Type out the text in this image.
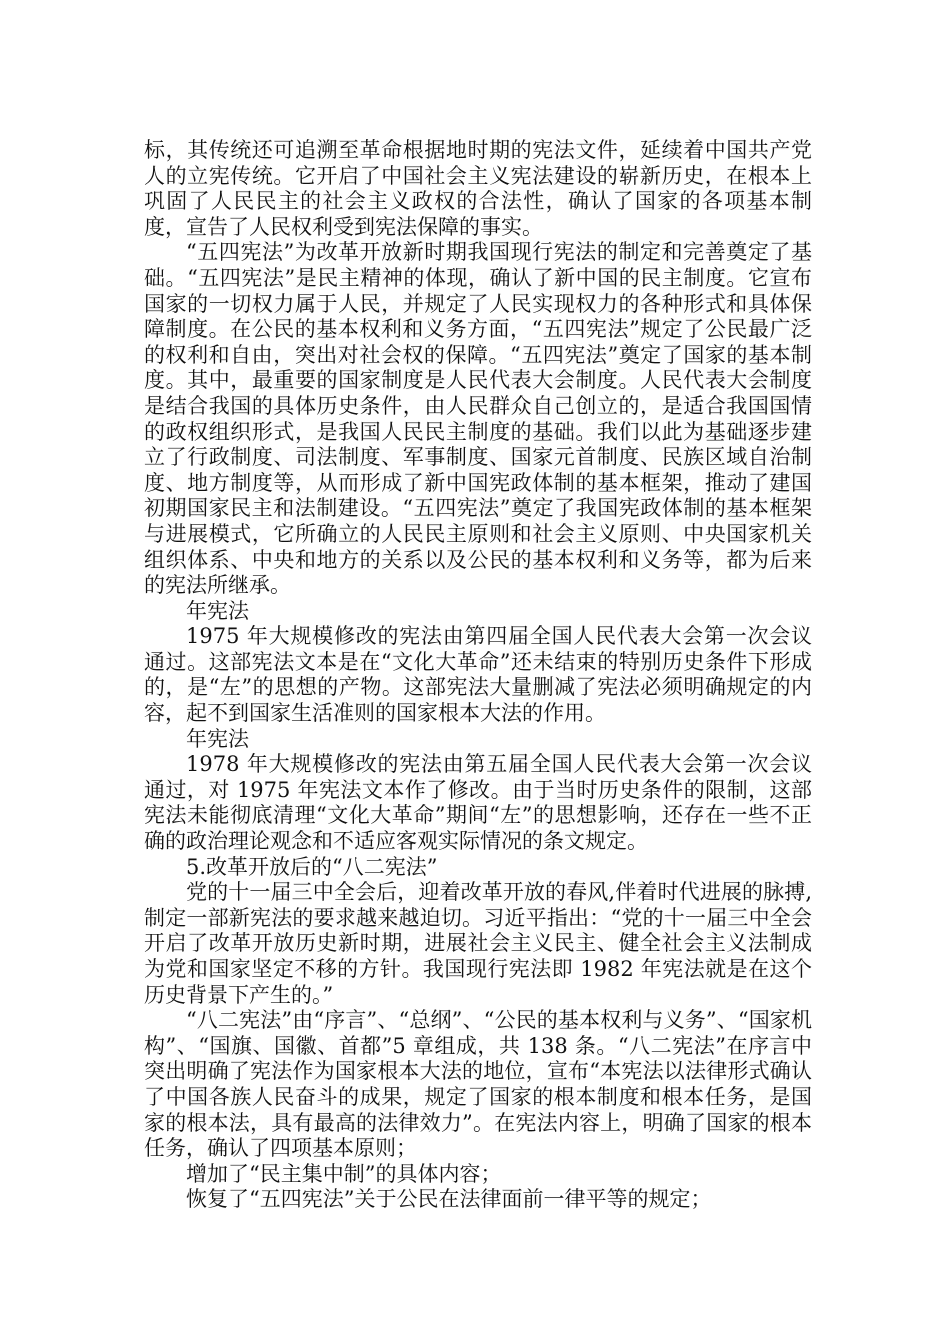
标，其传统还可追溯至革命根据地时期的宪法文件，延续着中国共产党人的立宪传统。它开启了中国社会主义宪法建设的崭新历史，在根本上巩固了人民民主的社会主义政权的合法性，确认了国家的各项基本制度，宣告了人民权利受到宪法保障的事实。

“五四宪法”为改革开放新时期我国现行宪法的制定和完善奠定了基础。“五四宪法”是民主精神的体现，确认了新中国的民主制度。它宣布国家的一切权力属于人民，并规定了人民实现权力的各种形式和具体保障制度。在公民的基本权利和义务方面，“五四宪法”规定了公民最广泛的权利和自由，突出对社会权的保障。“五四宪法”奠定了国家的基本制度。其中，最重要的国家制度是人民代表大会制度。人民代表大会制度是结合我国的具体历史条件，由人民群众自己创立的，是适合我国国情的政权组织形式，是我国人民民主制度的基础。我们以此为基础逐步建立了行政制度、司法制度、军事制度、国家元首制度、民族区域自治制度、地方制度等，从而形成了新中国宪政体制的基本框架，推动了建国初期国家民主和法制建设。“五四宪法”奠定了我国宪政体制的基本框架与进展模式，它所确立的人民民主原则和社会主义原则、中央国家机关组织体系、中央和地方的关系以及公民的基本权利和义务等，都为后来的宪法所继承。

年宪法

1975 年大规模修改的宪法由第四届全国人民代表大会第一次会议通过。这部宪法文本是在“文化大革命”还未结束的特别历史条件下形成的，是“左”的思想的产物。这部宪法大量删减了宪法必须明确规定的内容，起不到国家生活准则的国家根本大法的作用。

年宪法

1978 年大规模修改的宪法由第五届全国人民代表大会第一次会议通过，对 1975 年宪法文本作了修改。由于当时历史条件的限制，这部宪法未能彻底清理“文化大革命”期间“左”的思想影响，还存在一些不正确的政治理论观念和不适应客观实际情况的条文规定。

5.改革开放后的“八二宪法”

党的十一届三中全会后，迎着改革开放的春风,伴着时代进展的脉搏,制定一部新宪法的要求越来越迫切。习近平指出：“党的十一届三中全会开启了改革开放历史新时期，进展社会主义民主、健全社会主义法制成为党和国家坚定不移的方针。我国现行宪法即 1982 年宪法就是在这个历史背景下产生的。”

“八二宪法”由“序言”、“总纲”、“公民的基本权利与义务”、“国家机构”、“国旗、国徽、首都”5 章组成，共 138 条。“八二宪法”在序言中突出明确了宪法作为国家根本大法的地位，宣布“本宪法以法律形式确认了中国各族人民奋斗的成果，规定了国家的根本制度和根本任务，是国家的根本法，具有最高的法律效力”。在宪法内容上，明确了国家的根本任务，确认了四项基本原则；

增加了“民主集中制”的具体内容；

恢复了“五四宪法”关于公民在法律面前一律平等的规定；
